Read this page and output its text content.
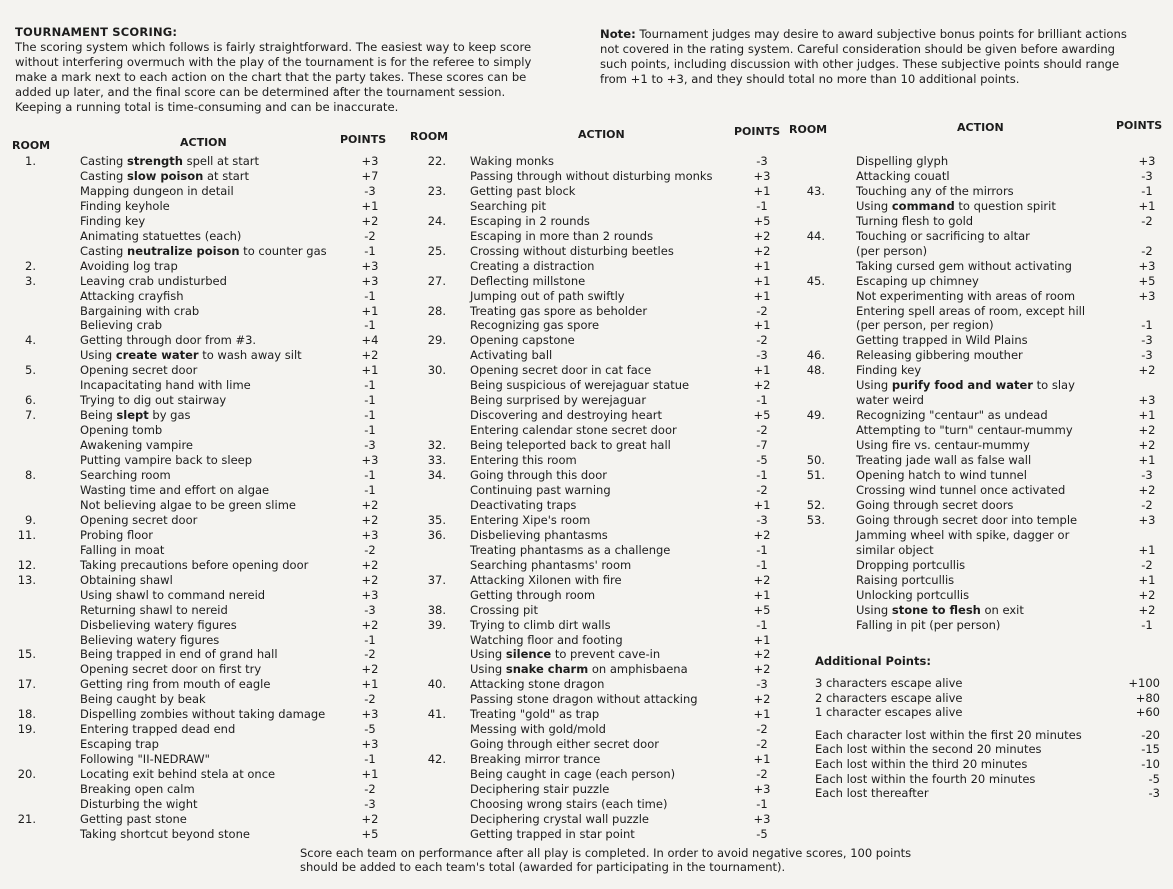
TOURNAMENT SCORING:
The scoring system which follows is fairly straightforward. The easiest way to keep score without interfering overmuch with the play of the tournament is for the referee to simply make a mark next to each action on the chart that the party takes. These scores can be added up later, and the final score can be determined after the tournament session. Keeping a running total is time-consuming and can be inaccurate.
Note: Tournament judges may desire to award subjective bonus points for brilliant actions not covered in the rating system. Careful consideration should be given before awarding such points, including discussion with other judges. These subjective points should range from +1 to +3, and they should total no more than 10 additional points.
ROOM	ACTION	POINTS
1.	Casting strength spell at start	+3
Casting slow poison at start	+7
Mapping dungeon in detail	-3
Finding keyhole	+1
Finding key	+2
Animating statuettes (each)	-2
Casting neutralize poison to counter gas	-1
2.	Avoiding log trap	+3
3.	Leaving crab undisturbed	+3
Attacking crayfish	-1
Bargaining with crab	+1
Believing crab	-1
4.	Getting through door from #3.	+4
Using create water to wash away silt	+2
5.	Opening secret door	+1
Incapacitating hand with lime	-1
6.	Trying to dig out stairway	-1
7.	Being slept by gas	-1
Opening tomb	-1
Awakening vampire	-3
Putting vampire back to sleep	+3
8.	Searching room	-1
Wasting time and effort on algae	-1
Not believing algae to be green slime	+2
9.	Opening secret door	+2
11.	Probing floor	+3
Falling in moat	-2
12.	Taking precautions before opening door	+2
13.	Obtaining shawl	+2
Using shawl to command nereid	+3
Returning shawl to nereid	-3
Disbelieving watery figures	+2
Believing watery figures	-1
15.	Being trapped in end of grand hall	-2
Opening secret door on first try	+2
17.	Getting ring from mouth of eagle	+1
Being caught by beak	-2
18.	Dispelling zombies without taking damage	+3
19.	Entering trapped dead end	-5
Escaping trap	+3
Following "II-NEDRAW"	-1
20.	Locating exit behind stela at once	+1
Breaking open calm	-2
Disturbing the wight	-3
21.	Getting past stone	+2
Taking shortcut beyond stone	+5
ROOM	ACTION	POINTS
22. Waking monks	-3
Passing through without disturbing monks	+3
23. Getting past block	+1
Searching pit	-1
24. Escaping in 2 rounds	+5
Escaping in more than 2 rounds	+2
25. Crossing without disturbing beetles	+2
Creating a distraction	+1
27. Deflecting millstone	+1
Jumping out of path swiftly	+1
28. Treating gas spore as beholder	-2
Recognizing gas spore	+1
29. Opening capstone	-2
Activating ball	-3
30. Opening secret door in cat face	+1
Being suspicious of werejaguar statue	+2
Being surprised by werejaguar	-1
Discovering and destroying heart	+5
Entering calendar stone secret door	-2
32. Being teleported back to great hall	-7
33. Entering this room	-5
34. Going through this door	-1
Continuing past warning	-2
Deactivating traps	+1
35. Entering Xipe's room	-3
36. Disbelieving phantasms	+2
Treating phantasms as a challenge	-1
Searching phantasms' room	-1
37. Attacking Xilonen with fire	+2
Getting through room	+1
38. Crossing pit	+5
39. Trying to climb dirt walls	-1
Watching floor and footing	+1
Using silence to prevent cave-in	+2
Using snake charm on amphisbaena	+2
40. Attacking stone dragon	-3
Passing stone dragon without attacking	+2
41. Treating "gold" as trap	+1
Messing with gold/mold	-2
Going through either secret door	-2
42. Breaking mirror trance	+1
Being caught in cage (each person)	-2
Deciphering stair puzzle	+3
Choosing wrong stairs (each time)	-1
Deciphering crystal wall puzzle	+3
Getting trapped in star point	-5
ROOM	ACTION	POINTS
Dispelling glyph	+3
Attacking couatl	-3
43.	Touching any of the mirrors	-1
Using command to question spirit	+1
Turning flesh to gold	-2
44.	Touching or sacrificing to altar
(per person)	-2
Taking cursed gem without activating	+3
45.	Escaping up chimney	+5
Not experimenting with areas of room	+3
Entering spell areas of room, except hill
(per person, per region)	-1
Getting trapped in Wild Plains	-3
46.	Releasing gibbering mouther	-3
48.	Finding key	+2
Using purify food and water to slay
water weird	+3
49.	Recognizing "centaur" as undead	+1
Attempting to "turn" centaur-mummy	+2
Using fire vs. centaur-mummy	+2
50.	Treating jade wall as false wall	+1
51.	Opening hatch to wind tunnel	-3
Crossing wind tunnel once activated	+2
52.	Going through secret doors	-2
53.	Going through secret door into temple	+3
Jamming wheel with spike, dagger or
similar object	+1
Dropping portcullis	-2
Raising portcullis	+1
Unlocking portcullis	+2
Using stone to flesh on exit	+2
Falling in pit (per person)	-1
Additional Points:
3 characters escape alive	+100
2 characters escape alive	+80
1 character escapes alive	+60
Each character lost within the first 20 minutes	-20
Each lost within the second 20 minutes	-15
Each lost within the third 20 minutes	-10
Each lost within the fourth 20 minutes	-5
Each lost thereafter	-3
Score each team on performance after all play is completed. In order to avoid negative scores, 100 points should be added to each team's total (awarded for participating in the tournament).
